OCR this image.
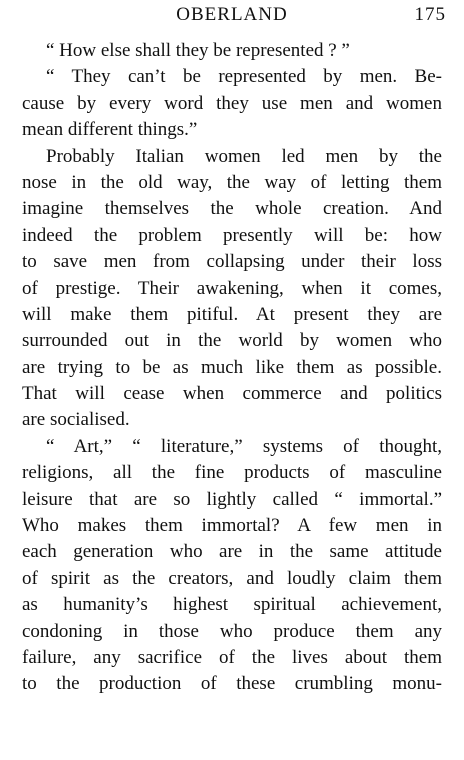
OBERLAND	175
“ How else shall they be represented ? ”
“ They can’t be represented by men. Be-
cause by every word they use men and women
mean different things.”
Probably Italian women led men by the
nose in the old way, the way of letting them
imagine themselves the whole creation. And
indeed the problem presently will be: how
to save men from collapsing under their loss
of prestige. Their awakening, when it comes,
will make them pitiful. At present they are
surrounded out in the world by women who
are trying to be as much like them as possible.
That will cease when commerce and politics
are socialised.
“ Art,” “ literature,” systems of thought,
religions, all the fine products of masculine
leisure that are so lightly called “ immortal.”
Who makes them immortal? A few men in
each generation who are in the same attitude
of spirit as the creators, and loudly claim them
as humanity’s highest spiritual achievement,
condoning in those who produce them any
failure, any sacrifice of the lives about them
to the production of these crumbling monu-
